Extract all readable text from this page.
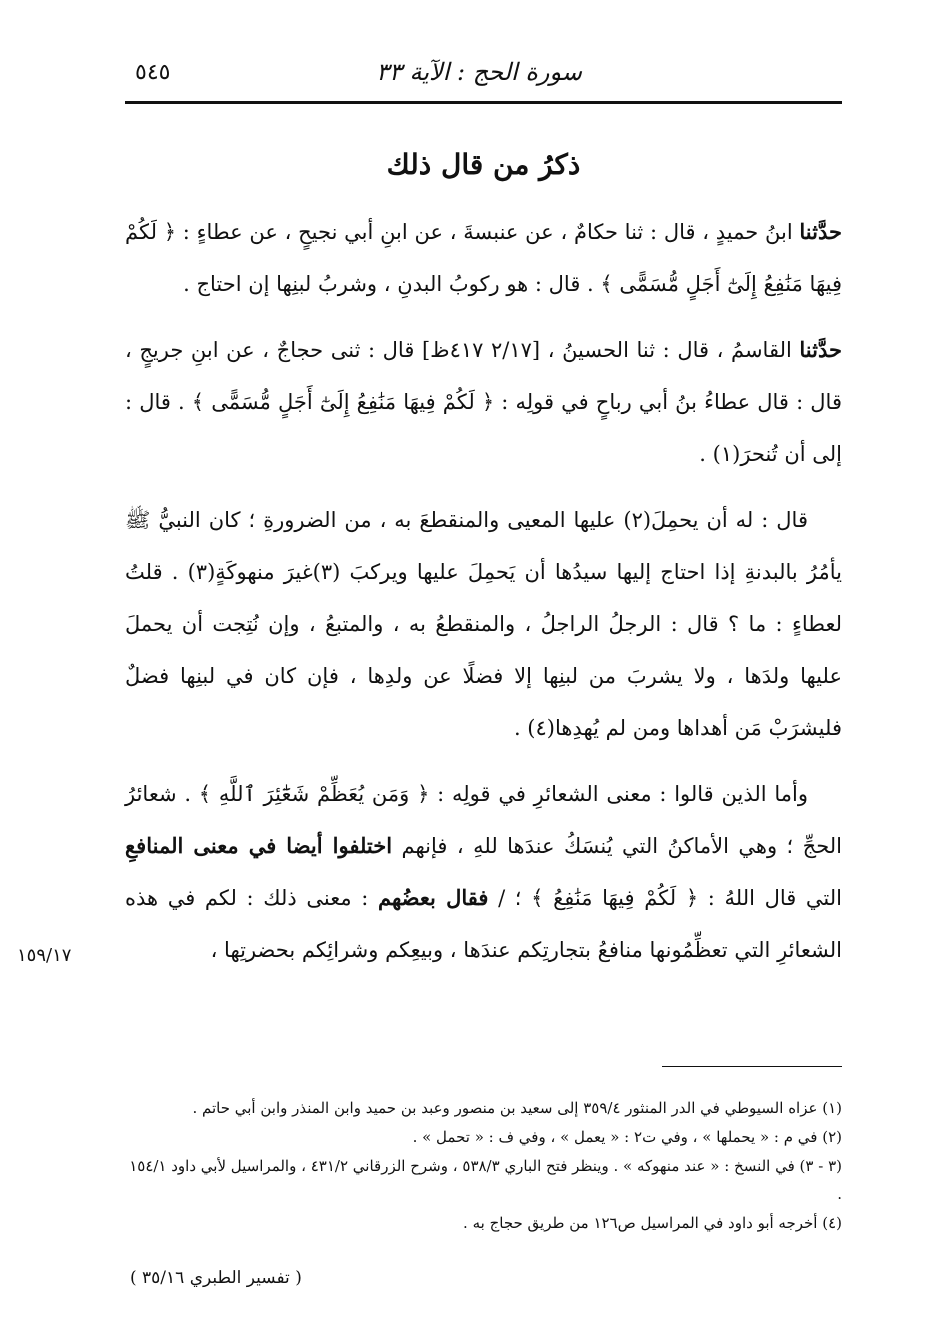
سورة الحج : الآية ٣٣
٥٤٥
ذكرُ من قال ذلك

حدَّثنا ابنُ حميدٍ ، قال : ثنا حكامٌ ، عن عنبسةَ ، عن ابنِ أبي نجيحٍ ، عن عطاءٍ : ﴿ لَكُمْ فِيهَا مَنَٰفِعُ إِلَىٰٓ أَجَلٍ مُّسَمًّى ﴾ . قال : هو ركوبُ البدنِ ، وشربُ لبنِها إن احتاج .

حدَّثنا القاسمُ ، قال : ثنا الحسينُ ، [٢/١٧ ٤١٧ظ] قال : ثنى حجاجٌ ، عن ابنِ جريجٍ ، قال : قال عطاءُ بنُ أبي رباحٍ في قولِه : ﴿ لَكُمْ فِيهَا مَنَٰفِعُ إِلَىٰٓ أَجَلٍ مُّسَمًّى ﴾ . قال : إلى أن تُنحرَ(١) .

قال : له أن يحمِلَ(٢) عليها المعيى والمنقطعَ به ، من الضرورةِ ؛ كان النبيُّ ﷺ يأمُرُ بالبدنةِ إذا احتاج إليها سيدُها أن يَحمِلَ عليها ويركبَ (٣)غيرَ منهوكَةٍ(٣) . قلتُ لعطاءٍ : ما ؟ قال : الرجلُ الراجلُ ، والمنقطعُ به ، والمتبعُ ، وإن نُتِجت أن يحملَ عليها ولدَها ، ولا يشربَ من لبنِها إلا فضلًا عن ولدِها ، فإن كان في لبنِها فضلٌ فليشرَبْ مَن أهداها ومن لم يُهدِها(٤) .

وأما الذين قالوا : معنى الشعائرِ في قولِه : ﴿ وَمَن يُعَظِّمْ شَعَٰٓئِرَ ٱللَّهِ ﴾ . شعائرُ الحجِّ ؛ وهي الأماكنُ التي يُنسَكُ عندَها للهِ ، فإنهم اختلفوا أيضا في معنى المنافعِ التي قال اللهُ : ﴿ لَكُمْ فِيهَا مَنَٰفِعُ ﴾ ؛ / فقال بعضُهم : معنى ذلك : لكم في هذه الشعائرِ التي تعظِّمُونها منافعُ بتجارتِكم عندَها ، وبيعِكم وشرائِكم بحضرتِها ،

١٥٩/١٧

(١) عزاه السيوطي في الدر المنثور ٣٥٩/٤ إلى سعيد بن منصور وعبد بن حميد وابن المنذر وابن أبي حاتم .

(٢) في م : « يحملها » ، وفي ت٢ : « يعمل » ، وفي ف : « تحمل » .

(٣ - ٣) في النسخ : « عند منهوكه » . وينظر فتح الباري ٥٣٨/٣ ، وشرح الزرقاني ٤٣١/٢ ، والمراسيل لأبي داود ١٥٤/١ .

(٤) أخرجه أبو داود في المراسيل ص١٢٦ من طريق حجاج به .

( تفسير الطبري ٣٥/١٦ )
